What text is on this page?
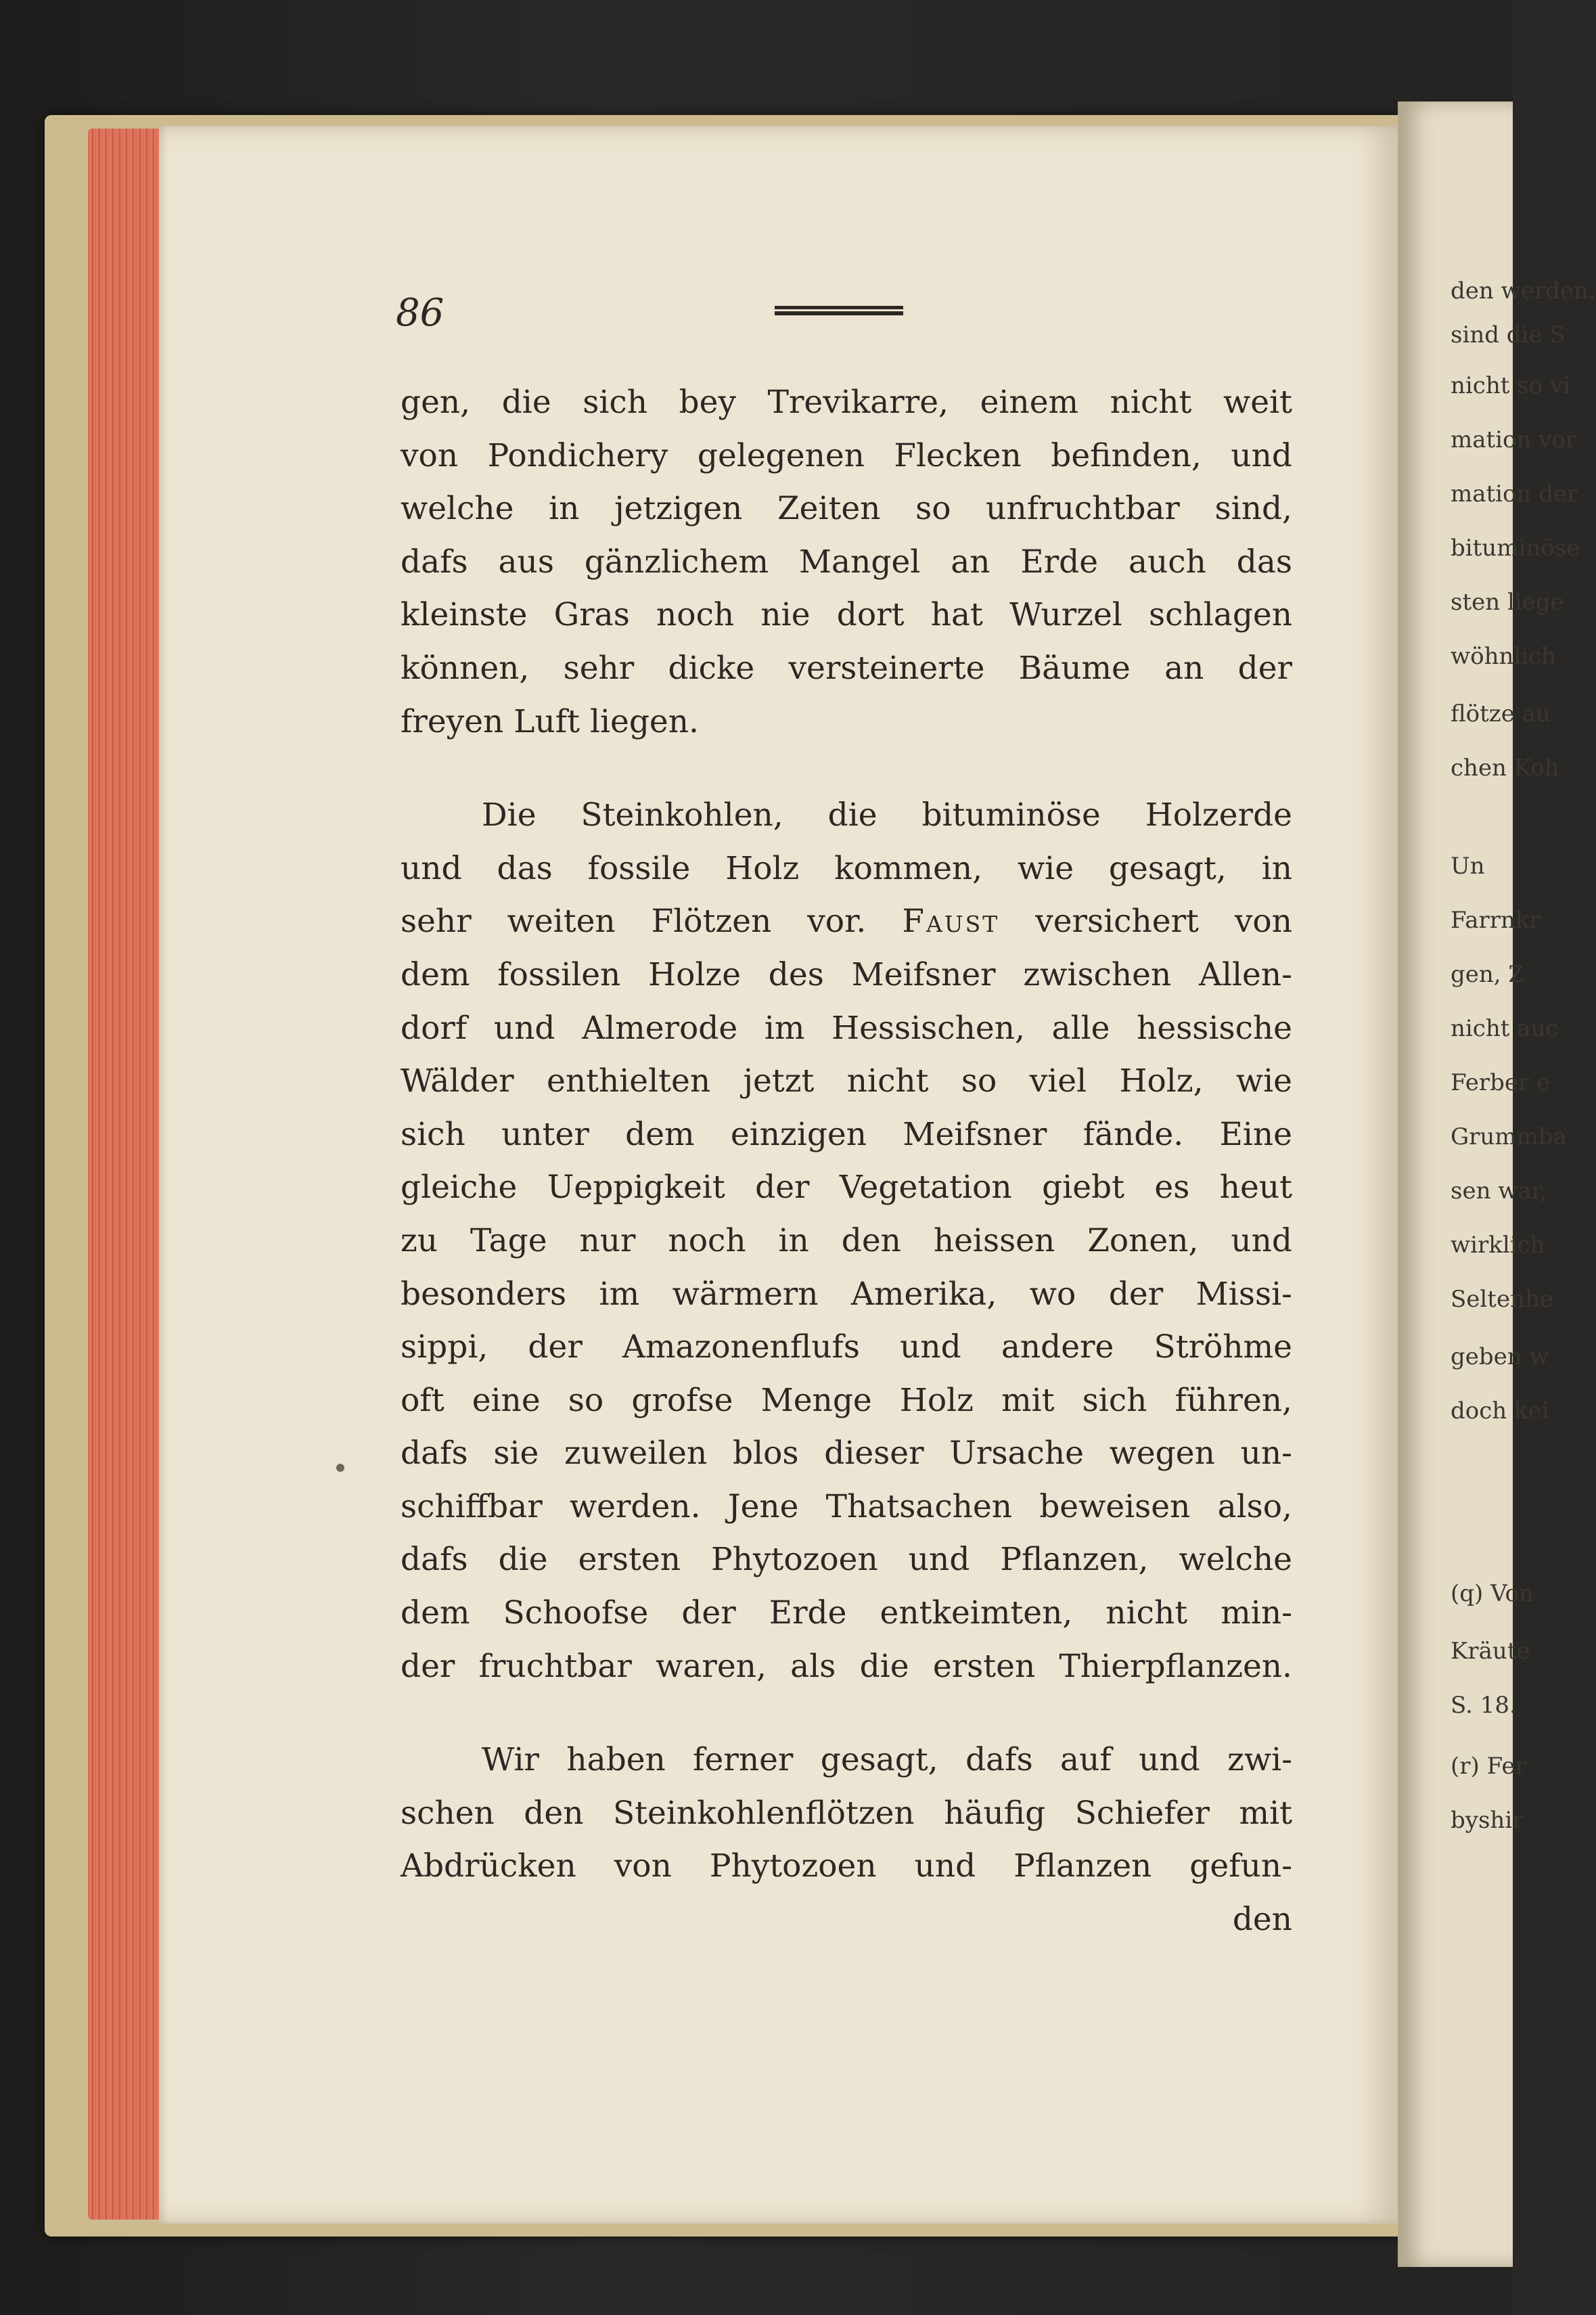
den werden.
sind die S
nicht so vi
mation vor
mation der
bituminöse
sten liege
wöhnlich
flötze au
chen Koh
Un
Farrnkr
gen, Z
nicht auc
Ferber e
Grummba
sen war,
wirklich
Seltenhe
geben w
doch kei
(q) Von
Kräute
S. 18.
(r) Fer
byshir
86
gen, die sich bey Trevikarre, einem nicht weit
von Pondichery gelegenen Flecken befinden, und
welche in jetzigen Zeiten so unfruchtbar sind,
dafs aus gänzlichem Mangel an Erde auch das
kleinste Gras noch nie dort hat Wurzel schlagen
können, sehr dicke versteinerte Bäume an der
freyen Luft liegen.
Die Steinkohlen, die bituminöse Holzerde
und das fossile Holz kommen, wie gesagt, in
sehr weiten Flötzen vor. Faust versichert von
dem fossilen Holze des Meifsner zwischen Allen-
dorf und Almerode im Hessischen, alle hessische
Wälder enthielten jetzt nicht so viel Holz, wie
sich unter dem einzigen Meifsner fände. Eine
gleiche Ueppigkeit der Vegetation giebt es heut
zu Tage nur noch in den heissen Zonen, und
besonders im wärmern Amerika, wo der Missi-
sippi, der Amazonenflufs und andere Ströhme
oft eine so grofse Menge Holz mit sich führen,
dafs sie zuweilen blos dieser Ursache wegen un-
schiffbar werden. Jene Thatsachen beweisen also,
dafs die ersten Phytozoen und Pflanzen, welche
dem Schoofse der Erde entkeimten, nicht min-
der fruchtbar waren, als die ersten Thierpflanzen.
Wir haben ferner gesagt, dafs auf und zwi-
schen den Steinkohlenflötzen häufig Schiefer mit
Abdrücken von Phytozoen und Pflanzen gefun-
den
